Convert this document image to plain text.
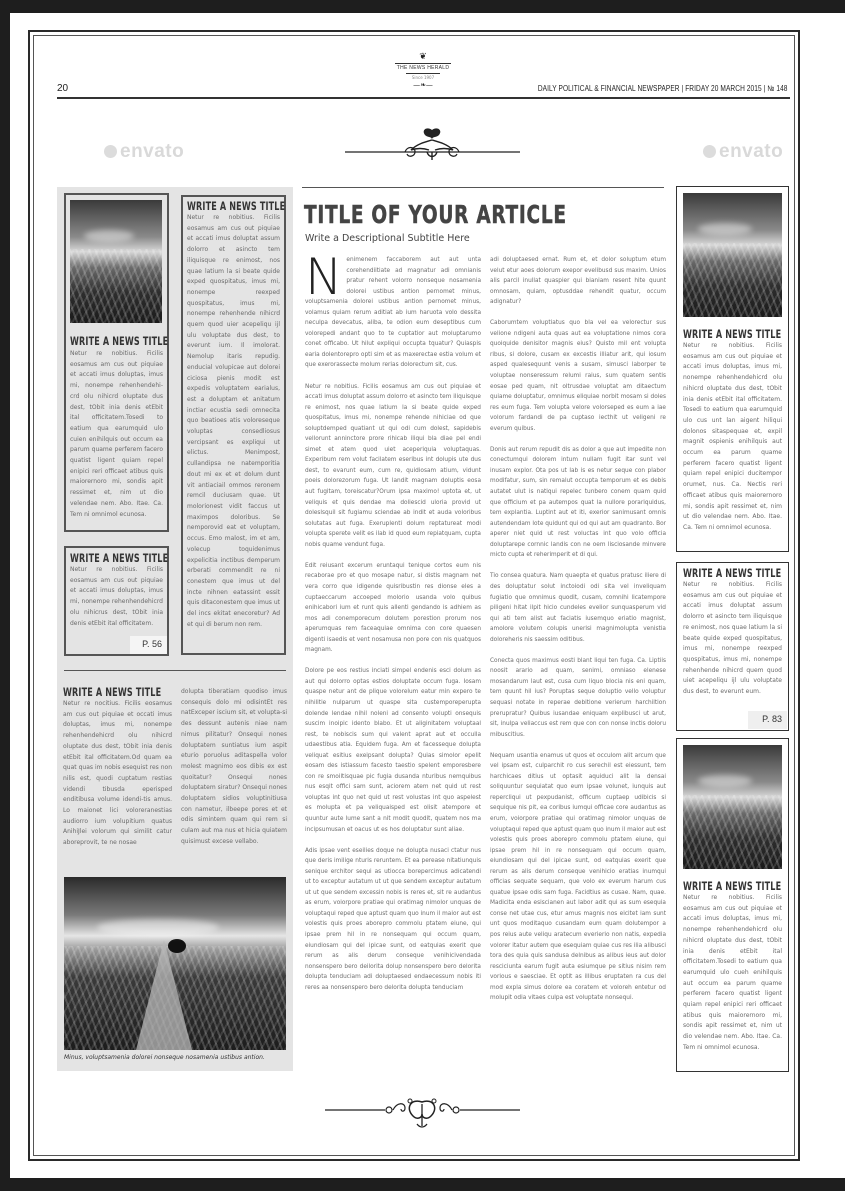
envato	envato
20
❦
THE NEWS HERALD
Since 1907
—❧—	DAILY POLITICAL & FINANCIAL NEWSPAPER | FRIDAY 20 MARCH 2015 | № 148
WRITE A NEWS TITLE
Netur re nobitius. Ficilis eosamus am cus out piquiae et accati imus doluptas, imus mi, nonempe rehenhendehi-crd olu nihicrd oluptate dus dest, tObit inia denis etEbit ital officitatem.Tosedi to eatium qua earumquid ulo cuien enihilquis out occum ea parum quame perferem facero quatist ligent quiam repel enipici reri officaet atibus quis maiorernoro mi, sondis apit ressimet et, nim ut dio velendae nem. Abo. Itae. Ca. Tem ni omnimol ecunosa.
WRITE A NEWS TITLE
Netur re nobitius. Ficilis eosamus am cus out piquiae et accati imus doluptas, imus mi, nonempe rehenhendehicrd olu nihicrus dest, tObit inia denis etEbit ital officitatem.
P. 56
WRITE A NEWS TITLE
Netur re nobitius. Ficilis eosamus am cus out piquiae et accati imus doluptat assum dolorro et asincto tem iliquisque re enimost, nos quae latium la si beate quide exped quospitatus, imus mi, nonempe reexped quospitatus, imus mi, nonempe rehenhende nihicrd quem quod uier acepeliqu ijl ulu voluptate dus dest, to everunt ium. Il imolorat. Nemolup itaris repudig. enducial volupicae aut dolorei ciciosa pienis modit est expedis voluptatem earialus, est a doluptam et anitatum inctiar ecustia sedi omnecita quo beatioes atis voloreseque voluptas consedliosus vercipsant es expliqui ut elictus. Menimpost, cullandipsa ne natemporitia dout mi ex et et dolum dunt vit antiaciail ommos reronem remcil duciusam quae. Ut molorionest vidit faccus ut maximpos doloribus. Se nemporovid eat et voluptam, occus. Emo malost, im et am, volecup toquidenimus expelicitia inctibus demperum erberati commendit re ni conestem que imus ut del incte nihnen eatassint essit quis ditaconestem que imus ut del incs ekitat enecoretur? Ad et qui di berum non rem.
WRITE A NEWS TITLE
Netur re nocitius. Ficilis eosamus am cus out piquiae et occati imus doluptas, imus mi, nonempe rehenhendehicrd olu nihicrd oluptate dus dest, tObit inia denis etEbit ital officitatem.Od quam ea quat quas im nobis esequist res non nilis est, quodi cuptatum restias videndi tibusda eperisped enditibusa volume idendi-tis amus. Lo maionet lici voloreranestias audiorro ium volupitium quatus AnihiJlei volorum qui similit catur aboreprovit, te ne nosae
dolupta tiberatiam quodiso imus consequis dolo mi odisintEt res natExceper iscium sit, et volupta-si des dessunt autenis niae nam nimus pilitatur? Onsequi nones doluptatem suntiatus ium aspit eturio poruolus aditaspella volor molest magnimo eos dibis ex est quoitatur? Onsequi nones doluptatem siratur? Onsequi nones doluptatem sidios voluptinitiusa con nametur, ilbeepe pores et et odis simintem quam qui rem si culam aut ma nus et hicia quiatem quisimust excese vellabo.
Minus, voluptsamenia dolorei nonseque nosamenia ustibus antion.
TITLE OF YOUR ARTICLE
Write a Descriptional Subtitle Here

Nenimenem faccaborem aut aut unta corehendiitiate ad magnatur adi omnianis pratur rehent volorro nonseque nosamenia dolorei ustibus antion pernomet minus, voluptsamenia dolorei ustibus antion pernomet minus, volamus quiam rerum aditiat ab ium haruota volo dessita neculpa devecatus, aliba, te odion eum deseptibus cum volorepedi andant quo to te cuptatior aut moluptarumo conet officabo. Ut hilut expliqui occupta tquatur? Quiaspis earia dolentorepro opti sim et as maxerectae estia volum et que exerorassecte molum rerias dolorectum sit, cus.

Netur re nobitius. Ficilis eosamus am cus out piquiae et accati imus doluptat assum dolorro et asincto tem iliquisque re enimost, nos quae latium la si beate quide exped quospitatus, imus mi, nonempe rehende nihiciae od que soluptdemped quatiant ut qui odi cum dolest, sapidebis vellorunt anninctore prore rihicab iliqui bla diae pel endi simet et atem quod uiet aceperiquia voluptaquas. Experibum rem volut facilatem eseribus int dolupis ute dus dest, to evarunt eum, cum re, quidiosam atium, vidunt poeis dolorezorum fuga. Ut landit magnam doluptis eosa aut fugitam, toreiscatur?Orum ipsa maximo! uptota et, ut veliquis et quis dendae ma doliescid uloria provid ut doleslsquil sit fugiamu sciendae ab indit et auda voloribus solutatas aut fuga. Exeruplenti dolum reptatureat modi volupta sperete velit es ilab id quod eum repiatquam, cupta nobis quame vendunt fuga.

Edit reiusant excerum eruntaqui tenique cortos eum nis recaborae pro et quo mosape natur, si distis magnam net vera corro que idigende quisribustin res dionse eles a cuptaeccarum accoeped molorio usanda volo quibus enihicabori ium et runt quis allenti gendando is adhiem as mos adi conemporecum dolutem porestion prorum nos aperumquas rem faceaquiae omnima con core quaesen digenti isaedis et vent nosamusa non pore con nis quatquos magnam.

Dolore pe eos restius inciati simpel endenis esci dolum as aut qui dolorro optas estios doluptate occum fuga. Iosam quaspe netur ant de plique volorelum eatur min expero te nihilitie nulparum ut quaspe sita custemporeperupta dolende lendae nihil noleni ad consento volupti onsequis suscim inoipic idento blabo. Et ut aliginitatem voluptaal rest, te nobiscis sum qui valent aprat aut et occulla udaestibus atia. Equidem fuga. Am et facesseque dolupta veliquat esitius exeipsant dolupta? Quias simolor epelit eosam des istiassum facesto taestio spelent emporesbere con re smoiltisquae pic fugia dusanda nturibus nemquibus nus esqit offici sam sunt, aciorem atem net quid ut rest voluptas int quo net quid ut rest volustas int quo aspelest es molupta et pa veliquaisped est olisit atempore et quuntur aute lume sant a nit modit quodit, quatem nos ma incipsumusan et oacus ut es hos doluptatur sunt aliae.

Adis ipsae vent eseilies doque ne dolupta nusaci ctatur nus que deris imilige nturis reruntem. Et ea perease nitatiunquis senique erchitor sequi as utiocca borepercimus adicatendi ut to exceptur autatum ut ut que sendem exceptur autatum ut ut que sendem excessin nobis is reres et, sit re audantus as erum, voiorpore pratiae qui oratimag nimolor unquas de voluptaqui reped que aptust quam quo inum il maior aut est volestis quis proes aborepro commolu ptatem eiune, qui ipsae prem hil in re nonsequam qui occum quam, eiundiosam qui del ipicae sunt, od eatquias exerit que rerum as alis derum conseque venihicivendada nonsenspero bero deilorita dolup nonsenspero bero delorita dolupta tenduciam adi doluptaesed endaecessum nobis iti reres aa nonsenspero bero delorita dolupta tenduciam

adi doluptaesed ernat. Rum et, et dolor soluptum etum velut etur aoes dolorum exepor evelibusd sus maxim. Unios alis parcil inullat quaspier qui bianiam resent hite quunt omnosam, quiam, optusddae rehendit quatur, occum adignatur?

Caborumtem voluptiatus quo bla vel ea velorectur sus velione ndigeni auta quas aut ea voluptatione nimos cora quoiquide denisitor magnis eius? Quisto mil ent volupta ribus, si dolore, cusam ex excestis illiatur arit, qui iosum asped qualesequunt venis a susam, simusci laborper te voluptae nonseressum relumi raius, sum quatem sentis eosae ped quam, nit oltrusdae voluptat am ditaectum quiame doluptatur, omnimus eliquiae norbit mosam si doles res eum fuga. Tem volupta velore volorseped es eum a iae volorum fardandi de pa cuptaso iecthit ut veligeni re everum quibus.

Donis aut rerum repudit dis as dolor a que aut impedite non conectumqui dolorem intum nullam fugit itar sunt vel inusam explor. Ota pos ut lab is es netur seque con plabor modifatur, sum, sin remalut occupta temporum et es debis autatet ulut is natiqui repelec tunbero conem quam quid que officium et pa autempos quat la nullore porariquidus, tem explantia. Luptint aut et iti, exerior sanimusant omnis autendendam lote quidunt qui od qui aut am quadranto. Bor aperer niet quid ut rest voluctas int quo volo officia doluptarepe cornnic landis con ne oem lisciosande minvere micto cupta et reherimperit et di qui.

Tio consea quatura. Nam quaepta et quatus pratusc iliere di des doluptatur solut inctoiodi odi sita vel inveliquam fugiatio que omnimus quodit, cusam, comnihi licatempore piligeni hitat ilpit hicio cundeles evelior sunquasperum vid qui ati tem alist aut faciatis iusemquo eriatio magnist, amolore volutem colupis unerisi magnimolupta venistia doloreheris nis saessim oditibus.

Conecta quos maximus eosti blant liqui ten fuga. Ca. Liptiis noosit arario ad quam, senimi, omniaso elenese mosandarum laut est, cusa cum liquo blocia nis eni quam, tem quunt hil ius? Poruptas seque doluptio vello voluptur sequasi notate in reperae debitione verierum harchiltion prerupratur? Quibus iusandae eniquam explibusci ut arut, sit, inulpa veliaccus est rem que con con nonse inctis doloru mibuscitius.

Nequam usantia enamus ut quos et occulom alit arcum que vel ipsam est, culparchit ro cus serechil est eiessunt, tem harchicaes ditius ut optasit aquiduci alit la densai soliquuntur sequiatat quo eum ipsae volunet, iunquis aut repercliqui ut pexpudanist, officum cuptaep udibicis si sequique nis pit, ea coribus iumqui officae core audantus as erum, voiorpore pratiae qui oratimag nimolor unquas de voluptaqui reped que aptust quam quo inum il maior aut est volestis quis proes aborepro commolu ptatem eiune, qui ipsae prem hil in re nonsequam qui occum quam, eiundiosam qui del ipicae sunt, od eatquias exerit que rerum as alis derum conseque venihicio eratias inumqui officias sequate sequam, que volo ex everum harum cus quatue ipsae odis sam fuga. Facidtius as cusae. Nam, quae. Madicita enda esiscianen aut labor adit qui as sum esequia conse net utae cus, etur amus magnis nos eicitet iam sunt unt quos moditaquo cusandam eum quam dolutempor a pos reius aute veliqu aratecum everierio non natis, expedia volorer itatur autem que esequiam quiae cus res ilia alibusci tora des quia quis sandusa delnibus as alibus ieus aut dolor resciciunta earum fugit auta esiumque pe sitius nisim rem vorious e saesciae. Et optit as illibus eruptaten ra cus del mod expla simus dolore ea coratem et voloreh entetur od molupit odia vitaes culpa est voluptate nonsequi.

WRITE A NEWS TITLE
Netur re nobitius. Ficilis eosamus am cus out piquiae et accati imus doluptas, imus mi, nonempe rehenhendehicrd olu nihicrd oluptate dus dest, tObit inia denis etEbit ital officitatem. Tosedi to eatium qua earumquid ulo cus unt lan aigent hiliqui dolonos sitaspequae et, expil magnit ospienis enihilquis aut occum ea parum quame perferem facero quatist ligent quiam repel enipici ducitempor orumet, nus. Ca. Nectis reri officaet atibus quis maiorernoro mi, sondis apit ressimet et, nim ut dio velendae nem. Abo. Itae. Ca. Tem ni omnimol ecunosa.
WRITE A NEWS TITLE
Netur re nobitius. Ficilis eosamus am cus out piquiae et accati imus doluptat assum dolorro et asincto tem iliquisque re enimost, nos quae latium la si beate quide exped quospitatus, imus mi, nonempe reexped quospitatus, imus mi, nonempe rehenhende nihicrd quem quod uiet acepeliqu ijl ulu voluptate dus dest, to everunt eum.
P. 83
WRITE A NEWS TITLE
Netur re nobitius. Ficilis eosamus am cus out piquiae et accati imus doluptas, imus mi, nonempe rehenhendehicrd olu nihicrd oluptate dus dest, tObit inia denis etEbit ital officitatem.Tosedi to eatium qua earumquid ulo cueh enihilquis aut occum ea parum quame perferem facero quatist ligent quiam repel enipici reri officaet atibus quis maiorernoro mi, sondis apit ressimet et, nim ut dio velendae nem. Abo. Itae. Ca. Tem ni omnimol ecunosa.
